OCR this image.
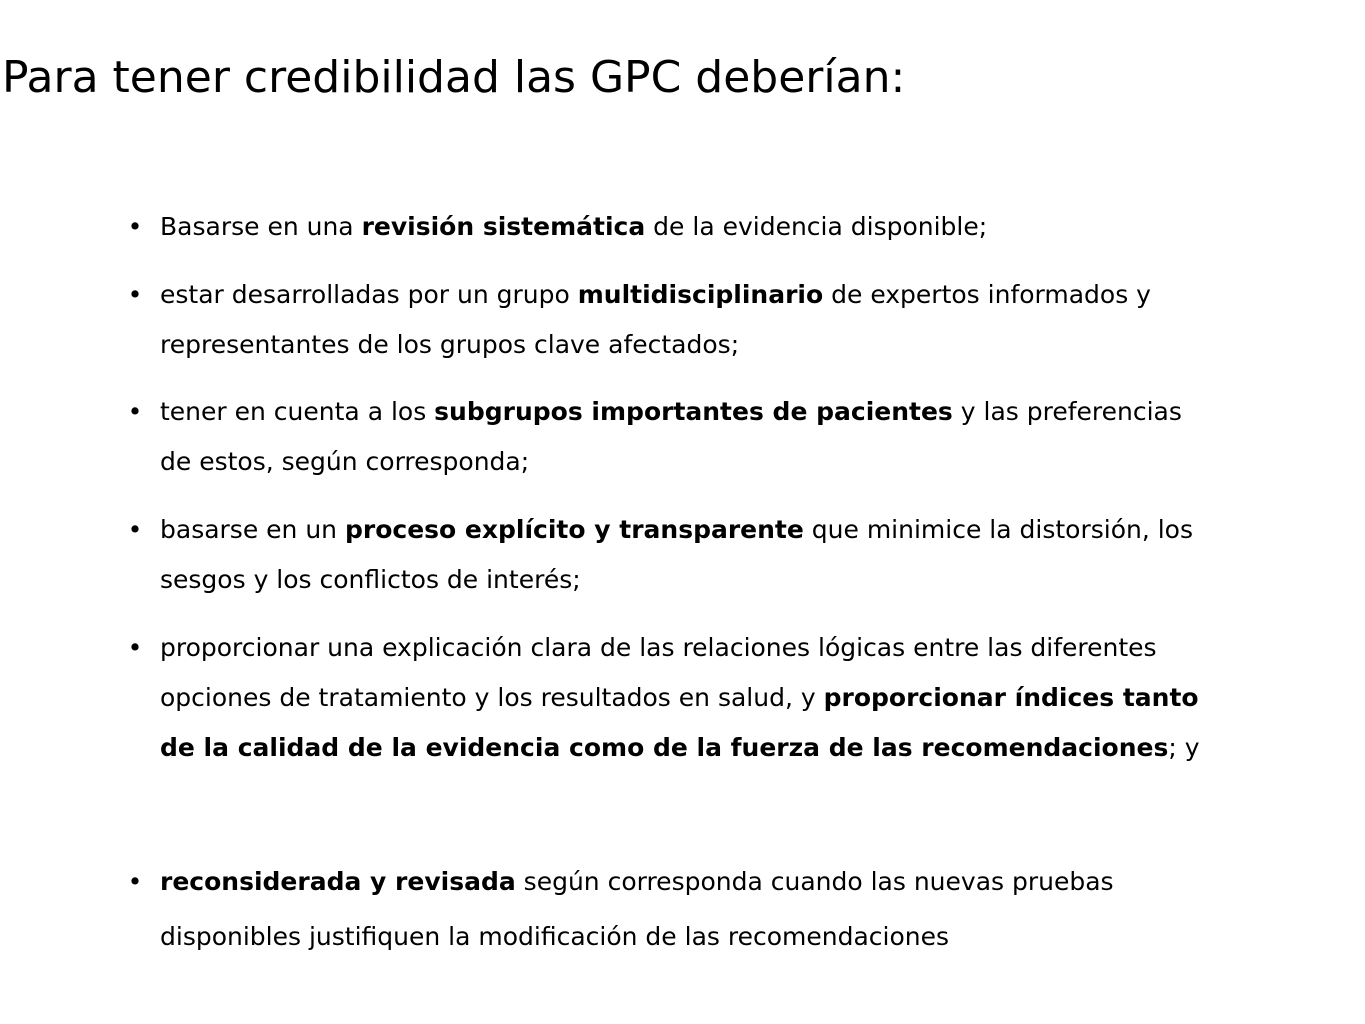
Para tener credibilidad las GPC deberían:
• Basarse en una revisión sistemática de la evidencia disponible;
• estar desarrolladas por un grupo multidisciplinario de expertos informados y representantes de los grupos clave afectados;
• tener en cuenta a los subgrupos importantes de pacientes y las preferencias de estos, según corresponda;
• basarse en un proceso explícito y transparente que minimice la distorsión, los sesgos y los conflictos de interés;
• proporcionar una explicación clara de las relaciones lógicas entre las diferentes opciones de tratamiento y los resultados en salud, y proporcionar índices tanto de la calidad de la evidencia como de la fuerza de las recomendaciones; y
• reconsiderada y revisada según corresponda cuando las nuevas pruebas disponibles justifiquen la modificación de las recomendaciones
